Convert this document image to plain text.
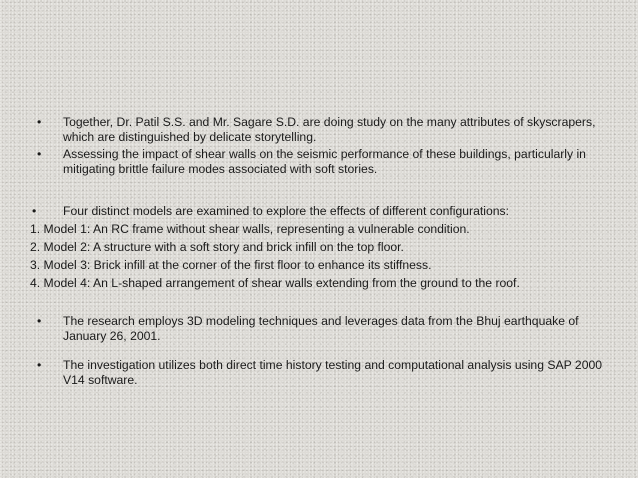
• Together, Dr. Patil S.S. and Mr. Sagare S.D. are doing study on the many attributes of skyscrapers, which are distinguished by delicate storytelling.
• Assessing the impact of shear walls on the seismic performance of these buildings, particularly in mitigating brittle failure modes associated with soft stories.
• Four distinct models are examined to explore the effects of different configurations:
1. Model 1: An RC frame without shear walls, representing a vulnerable condition.
2. Model 2: A structure with a soft story and brick infill on the top floor.
3. Model 3: Brick infill at the corner of the first floor to enhance its stiffness.
4. Model 4: An L-shaped arrangement of shear walls extending from the ground to the roof.
• The research employs 3D modeling techniques and leverages data from the Bhuj earthquake of January 26, 2001.
• The investigation utilizes both direct time history testing and computational analysis using SAP 2000 V14 software.
